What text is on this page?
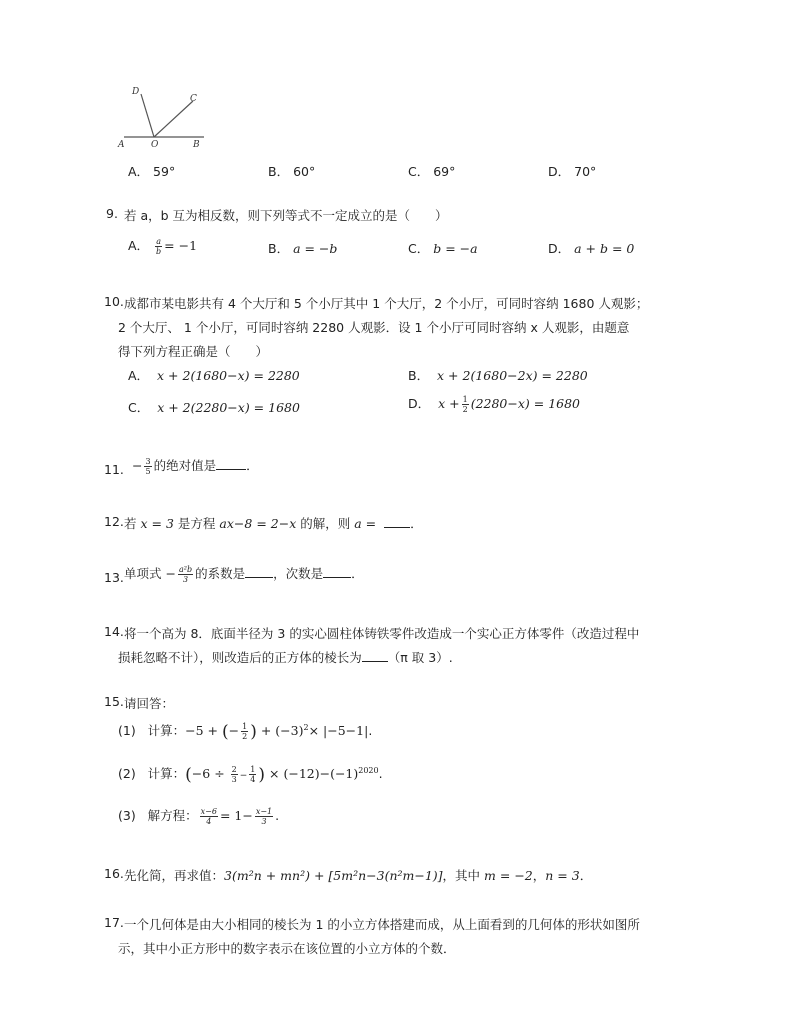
D
C
A	O	B
A． 59°	B． 60°	C． 69°	D． 70°
9. 若 a，b 互为相反数，则下列等式不一定成立的是（　　）
A． $\frac{a}{b} = -1$	B． a = −b	C． b = −a	D． a + b = 0
10. 成都市某电影共有 4 个大厅和 5 个小厅其中 1 个大厅，2 个小厅，可同时容纳 1680 人观影；
2 个大厅、 1 个小厅，可同时容纳 2280 人观影．设 1 个小厅可同时容纳 x 人观影，由题意
得下列方程正确是（　　）
A． x + 2(1680−x) = 2280	B． x + 2(1680−2x) = 2280
C． x + 2(2280−x) = 1680	D． $x + \frac{1}{2} (2280-x) = 1680$
11. − $\frac{3}{5}$ 的绝对值是 ．
12. 若 x = 3 是方程 ax−8 = 2−x 的解，则 a =	．
13. 单项式 − $\frac{\text{a²b}}{3}$ 的系数是 ，次数是 ．
14. 将一个高为 8．底面半径为 3 的实心圆柱体铸铁零件改造成一个实心正方体零件（改造过程中
损耗忽略不计），则改造后的正方体的棱长为 （π 取 3）.
15. 请回答：
(1) 计算：−5 + (− $\frac{1}{2}$ ) + $(-3)^2\times |-5-1|$.
(2) 计算：($-6 \div \frac{2}{3} - \frac{1}{4}$ ) × $(-12)-(-1)^{2020}$.
(3) 解方程： $\frac{x-6}{4} = 1- \frac{x-1}{3}$ .
16. 先化简，再求值：3(m²n + mn²) + [5m²n−3(n²m−1)]，其中 m = −2，n = 3．
17. 一个几何体是由大小相同的棱长为 1 的小立方体搭建而成，从上面看到的几何体的形状如图所
示，其中小正方形中的数字表示在该位置的小立方体的个数．
